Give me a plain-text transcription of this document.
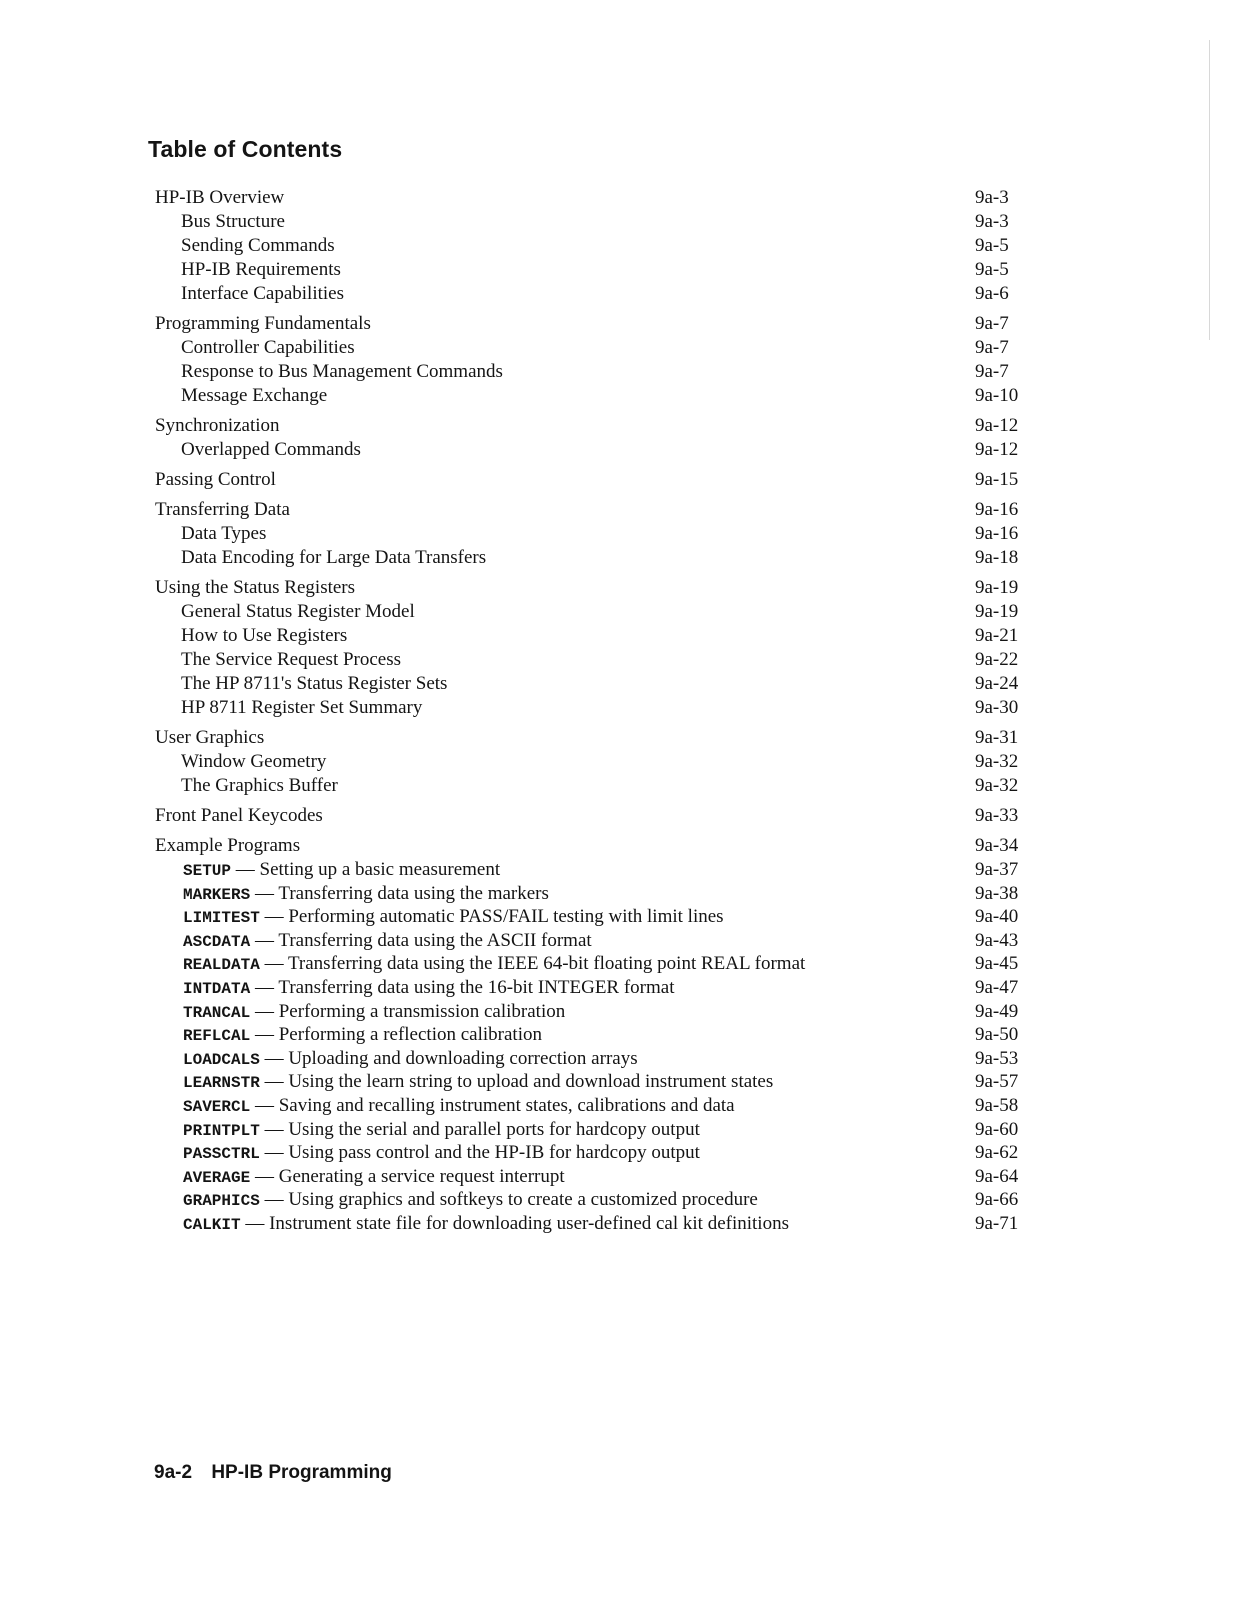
Table of Contents
HP-IB Overview	9a-3
Bus Structure	9a-3
Sending Commands	9a-5
HP-IB Requirements	9a-5
Interface Capabilities	9a-6
Programming Fundamentals	9a-7
Controller Capabilities	9a-7
Response to Bus Management Commands	9a-7
Message Exchange	9a-10
Synchronization	9a-12
Overlapped Commands	9a-12
Passing Control	9a-15
Transferring Data	9a-16
Data Types	9a-16
Data Encoding for Large Data Transfers	9a-18
Using the Status Registers	9a-19
General Status Register Model	9a-19
How to Use Registers	9a-21
The Service Request Process	9a-22
The HP 8711's Status Register Sets	9a-24
HP 8711 Register Set Summary	9a-30
User Graphics	9a-31
Window Geometry	9a-32
The Graphics Buffer	9a-32
Front Panel Keycodes	9a-33
Example Programs	9a-34
SETUP — Setting up a basic measurement	9a-37
MARKERS — Transferring data using the markers	9a-38
LIMITEST — Performing automatic PASS/FAIL testing with limit lines	9a-40
ASCDATA — Transferring data using the ASCII format	9a-43
REALDATA — Transferring data using the IEEE 64-bit floating point REAL format	9a-45
INTDATA — Transferring data using the 16-bit INTEGER format	9a-47
TRANCAL — Performing a transmission calibration	9a-49
REFLCAL — Performing a reflection calibration	9a-50
LOADCALS — Uploading and downloading correction arrays	9a-53
LEARNSTR — Using the learn string to upload and download instrument states	9a-57
SAVERCL — Saving and recalling instrument states, calibrations and data	9a-58
PRINTPLT — Using the serial and parallel ports for hardcopy output	9a-60
PASSCTRL — Using pass control and the HP-IB for hardcopy output	9a-62
AVERAGE — Generating a service request interrupt	9a-64
GRAPHICS — Using graphics and softkeys to create a customized procedure	9a-66
CALKIT — Instrument state file for downloading user-defined cal kit definitions	9a-71
9a-2 HP-IB Programming
